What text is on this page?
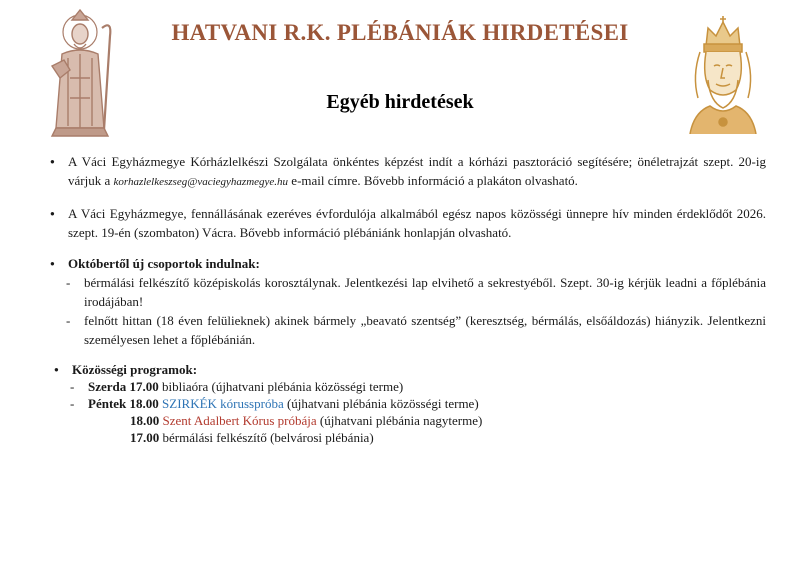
HATVANI R.K. PLÉBÁNIÁK HIRDETÉSEI
Egyéb hirdetések
● A Váci Egyházmegye Kórházlelkészi Szolgálata önkéntes képzést indít a kórházi pasztoráció segítésére; önéletrajzát szept. 20-ig várjuk a korhazlelkeszseg@vaciegyhazmegye.hu e-mail címre. Bővebb információ a plakáton olvasható.
● A Váci Egyházmegye, fennállásának ezeréves évfordulója alkalmából egész napos közösségi ünnepre hív minden érdeklődőt 2026. szept. 19-én (szombaton) Vácra. Bővebb információ plébániánk honlapján olvasható.
● Októbertől új csoportok indulnak:
- bérmálási felkészítő középiskolás korosztálynak. Jelentkezési lap elvihető a sekrestyéből. Szept. 30-ig kérjük leadni a főplébánia irodájában!
- felnőtt hittan (18 éven felülieknek) akinek bármely „beavató szentség” (keresztség, bérmálás, elsőáldozás) hiányzik. Jelentkezni személyesen lehet a főplébánián.
● Közösségi programok:
- Szerda 17.00 bibliaóra (újhatvani plébánia közösségi terme)
- Péntek 18.00 SZIRKÉK kórusspróba (újhatvani plébánia közösségi terme)
18.00 Szent Adalbert Kórus próbája (újhatvani plébánia nagyterme)
17.00 bérmálási felkészítő (belvárosi plébánia)
